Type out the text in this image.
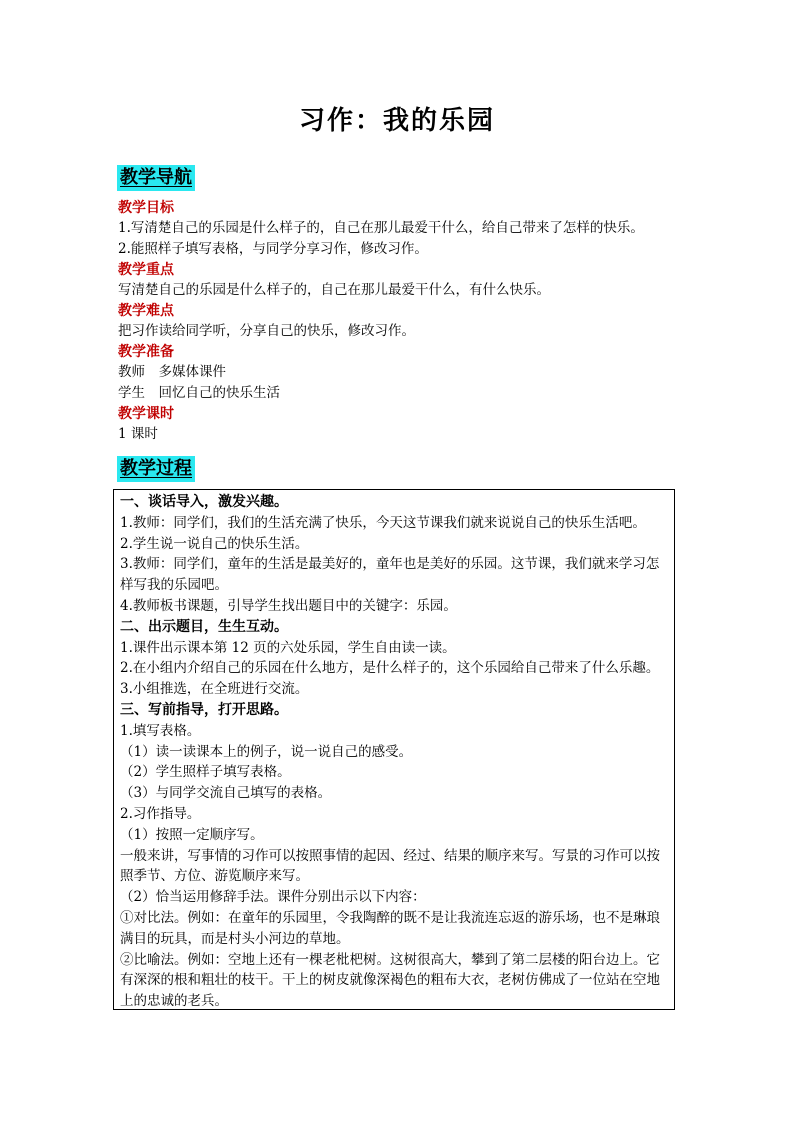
习作：我的乐园
教学导航
教学目标
1.写清楚自己的乐园是什么样子的，自己在那儿最爱干什么，给自己带来了怎样的快乐。
2.能照样子填写表格，与同学分享习作，修改习作。
教学重点
写清楚自己的乐园是什么样子的，自己在那儿最爱干什么，有什么快乐。
教学难点
把习作读给同学听，分享自己的快乐，修改习作。
教学准备
教师　多媒体课件
学生　回忆自己的快乐生活
教学课时
1 课时
教学过程
一、谈话导入，激发兴趣。
1.教师：同学们，我们的生活充满了快乐，今天这节课我们就来说说自己的快乐生活吧。
2.学生说一说自己的快乐生活。
3.教师：同学们，童年的生活是最美好的，童年也是美好的乐园。这节课，我们就来学习怎
样写我的乐园吧。
4.教师板书课题，引导学生找出题目中的关键字：乐园。
二、出示题目，生生互动。
1.课件出示课本第 12 页的六处乐园，学生自由读一读。
2.在小组内介绍自己的乐园在什么地方，是什么样子的，这个乐园给自己带来了什么乐趣。
3.小组推选，在全班进行交流。
三、写前指导，打开思路。
1.填写表格。
（1）读一读课本上的例子，说一说自己的感受。
（2）学生照样子填写表格。
（3）与同学交流自己填写的表格。
2.习作指导。
（1）按照一定顺序写。
一般来讲，写事情的习作可以按照事情的起因、经过、结果的顺序来写。写景的习作可以按
照季节、方位、游览顺序来写。
（2）恰当运用修辞手法。课件分别出示以下内容：
①对比法。例如：在童年的乐园里，令我陶醉的既不是让我流连忘返的游乐场，也不是琳琅
满目的玩具，而是村头小河边的草地。
②比喻法。例如：空地上还有一棵老枇杷树。这树很高大，攀到了第二层楼的阳台边上。它
有深深的根和粗壮的枝干。干上的树皮就像深褐色的粗布大衣，老树仿佛成了一位站在空地
上的忠诚的老兵。
